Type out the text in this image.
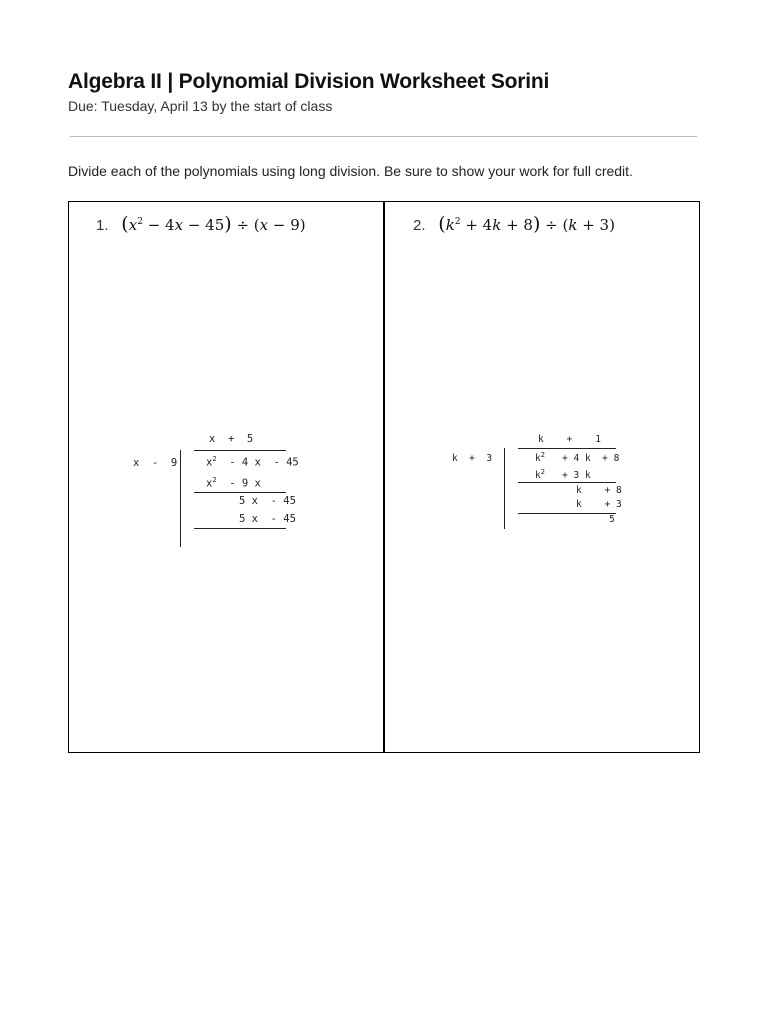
Algebra II | Polynomial Division Worksheet Sorini
Due: Tuesday, April 13 by the start of class
Divide each of the polynomials using long division. Be sure to show your work for full credit.
1. $(x^2 - 4x - 45) \div (x - 9)$
x  +  5
x  -  9	$x^2 - 4$ x  - 45
$x^2 - 9$ x
5 x  - 45
5 x  - 45
2. $(k^2 + 4k + 8) \div (k + 3)$
k    +    1
k  +  3	$k^2 + 4$ k  + 8
$k^2 + 3$ k
k    + 8
k    + 3
5
